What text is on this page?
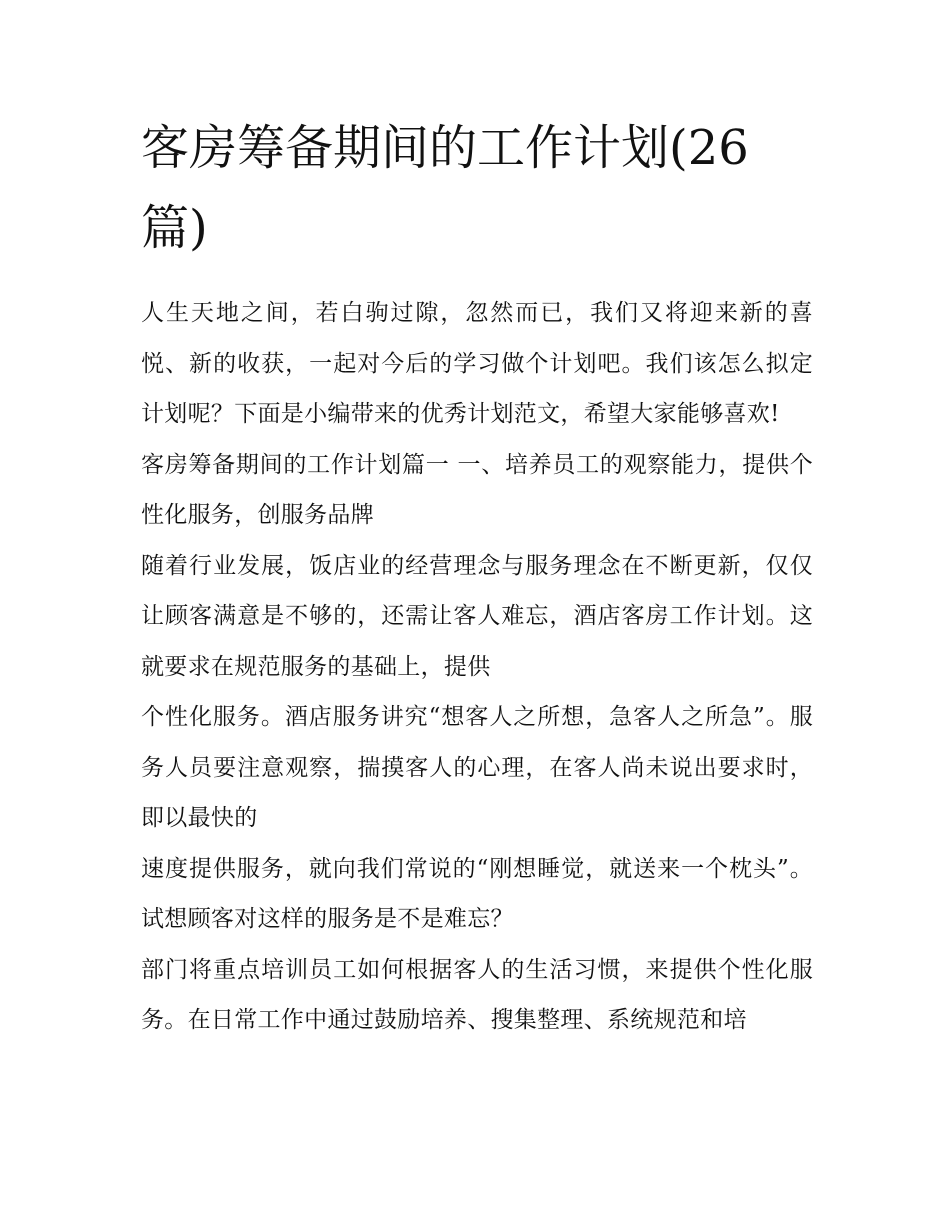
客房筹备期间的工作计划(26篇)

人生天地之间，若白驹过隙，忽然而已，我们又将迎来新的喜悦、新的收获，一起对今后的学习做个计划吧。我们该怎么拟定计划呢？下面是小编带来的优秀计划范文，希望大家能够喜欢!

客房筹备期间的工作计划篇一 一、培养员工的观察能力，提供个性化服务，创服务品牌

随着行业发展，饭店业的经营理念与服务理念在不断更新，仅仅让顾客满意是不够的，还需让客人难忘，酒店客房工作计划。这就要求在规范服务的基础上，提供

个性化服务。酒店服务讲究“想客人之所想，急客人之所急”。服务人员要注意观察，揣摸客人的心理，在客人尚未说出要求时，即以最快的

速度提供服务，就向我们常说的“刚想睡觉，就送来一个枕头”。试想顾客对这样的服务是不是难忘？

部门将重点培训员工如何根据客人的生活习惯，来提供个性化服务。在日常工作中通过鼓励培养、搜集整理、系统规范和培
